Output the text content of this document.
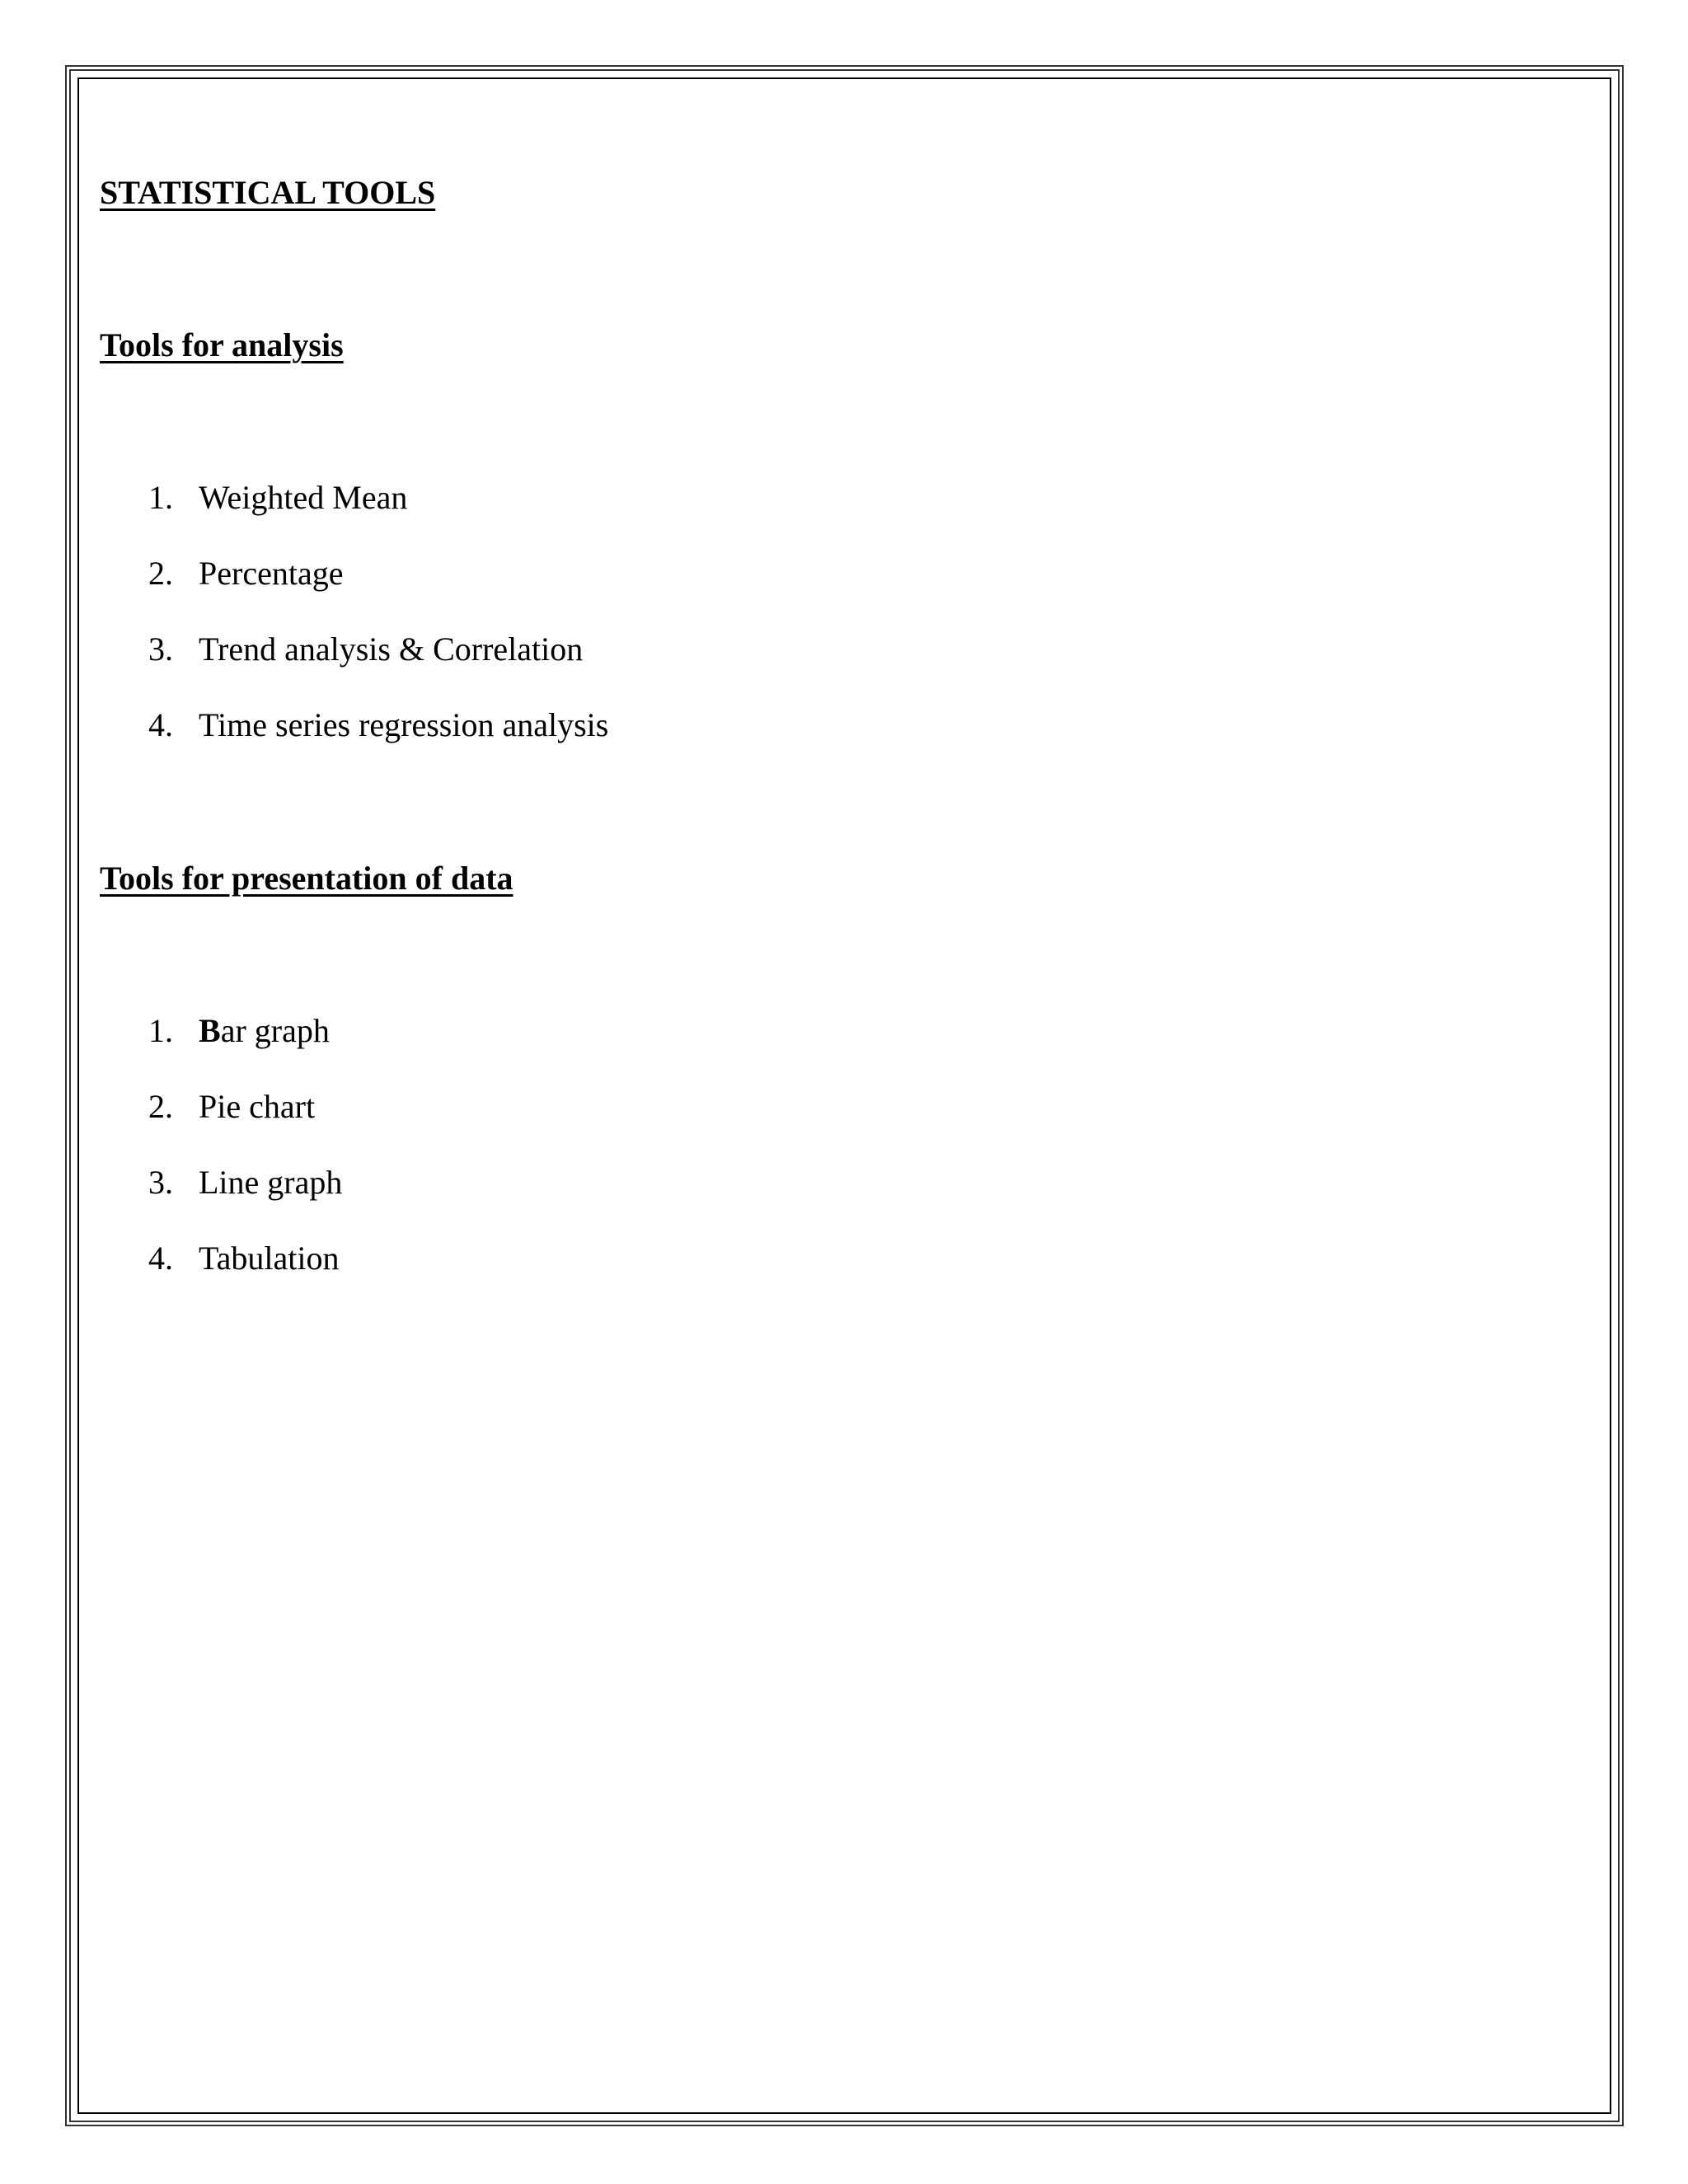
STATISTICAL TOOLS
Tools for analysis
1. Weighted Mean
2. Percentage
3. Trend analysis & Correlation
4. Time series regression analysis
Tools for presentation of data
1. Bar graph
2. Pie chart
3. Line graph
4. Tabulation
